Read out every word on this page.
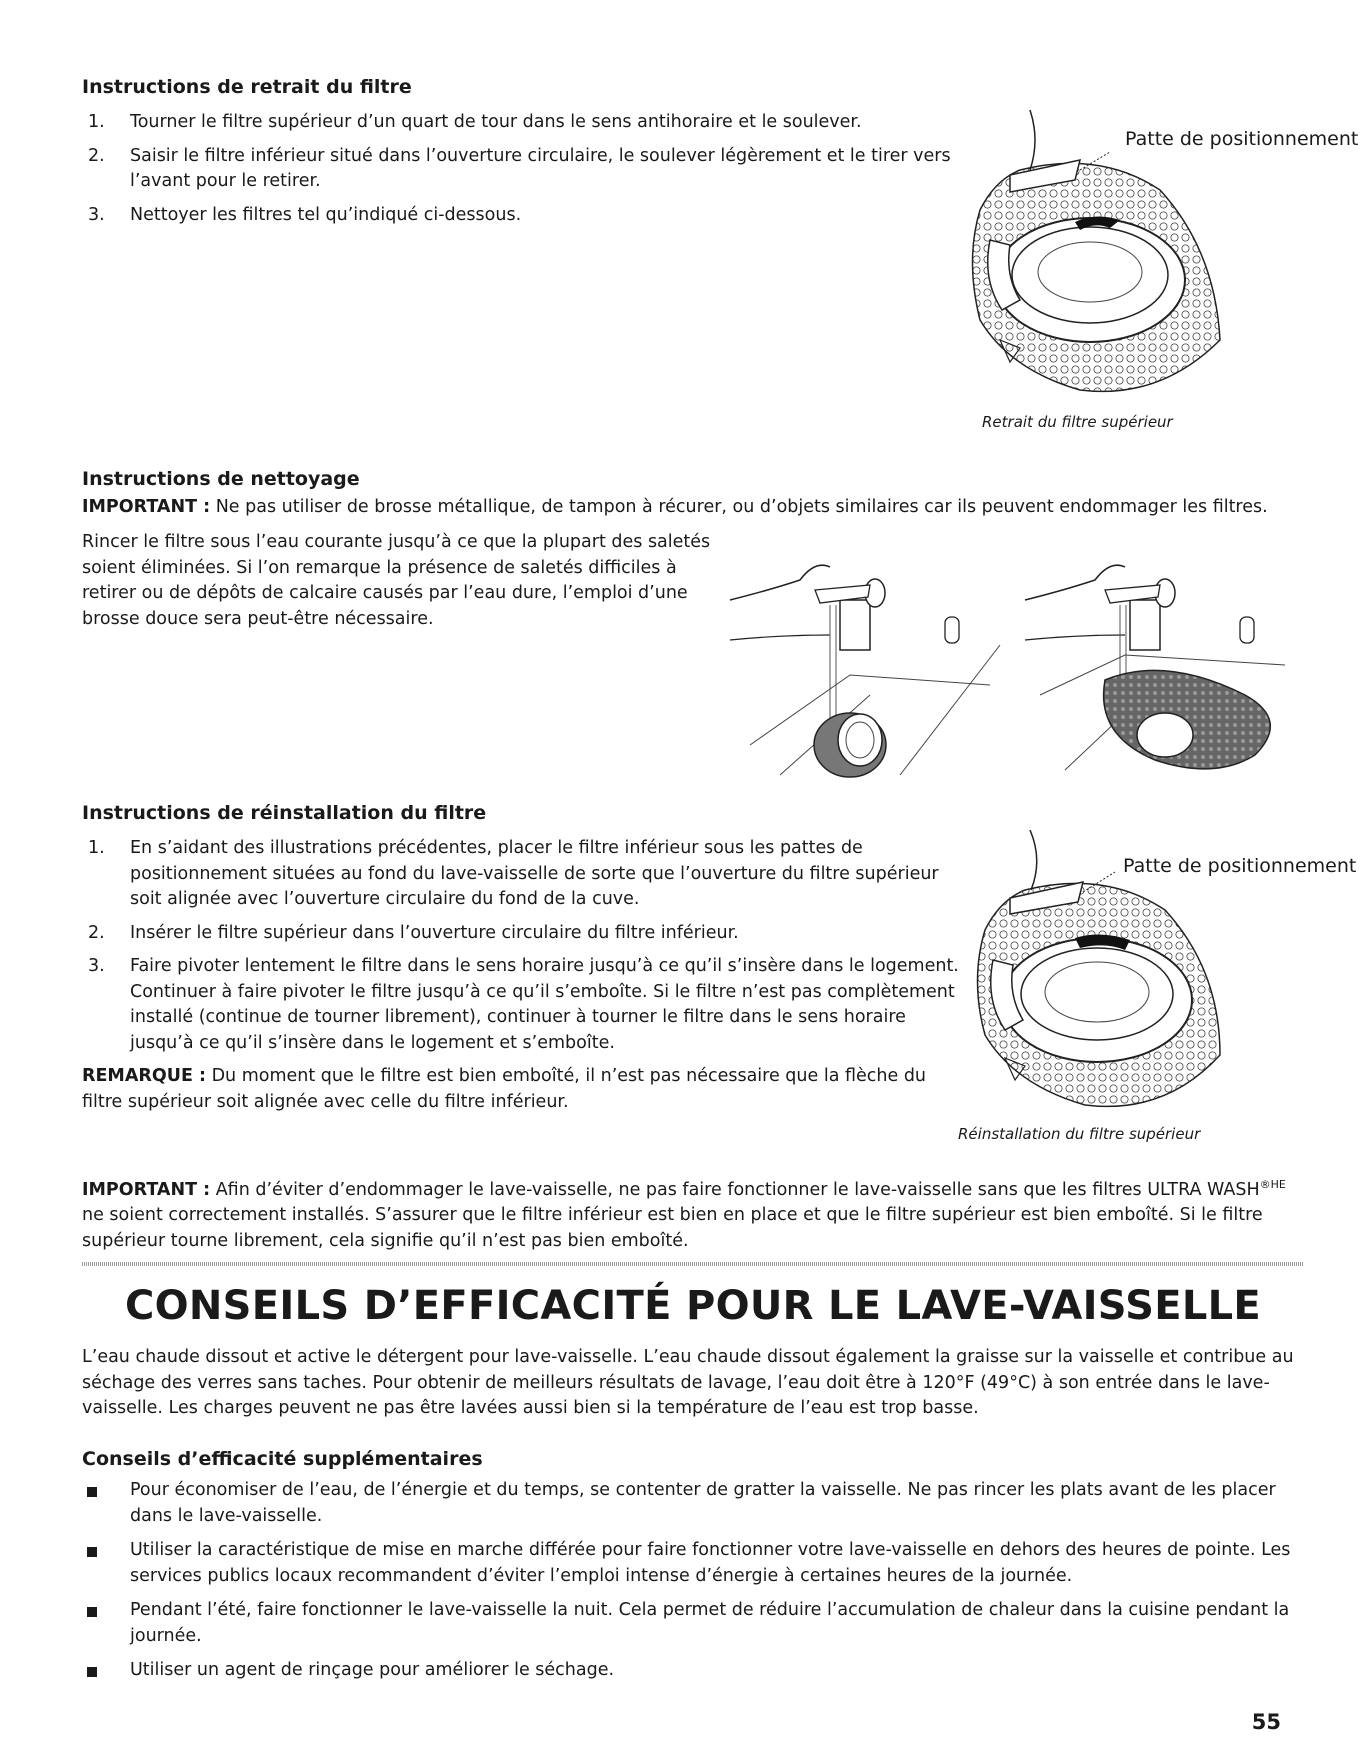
Instructions de retrait du filtre
1. Tourner le filtre supérieur d’un quart de tour dans le sens antihoraire et le soulever.
2. Saisir le filtre inférieur situé dans l’ouverture circulaire, le soulever légèrement et le tirer vers l’avant pour le retirer.
3. Nettoyer les filtres tel qu’indiqué ci-dessous.
Patte de positionnement
Retrait du filtre supérieur
Instructions de nettoyage
IMPORTANT : Ne pas utiliser de brosse métallique, de tampon à récurer, ou d’objets similaires car ils peuvent endommager les filtres.
Rincer le filtre sous l’eau courante jusqu’à ce que la plupart des saletés soient éliminées. Si l’on remarque la présence de saletés difficiles à retirer ou de dépôts de calcaire causés par l’eau dure, l’emploi d’une brosse douce sera peut-être nécessaire.
Instructions de réinstallation du filtre
1. En s’aidant des illustrations précédentes, placer le filtre inférieur sous les pattes de positionnement situées au fond du lave-vaisselle de sorte que l’ouverture du filtre supérieur soit alignée avec l’ouverture circulaire du fond de la cuve.
2. Insérer le filtre supérieur dans l’ouverture circulaire du filtre inférieur.
3. Faire pivoter lentement le filtre dans le sens horaire jusqu’à ce qu’il s’insère dans le logement. Continuer à faire pivoter le filtre jusqu’à ce qu’il s’emboîte. Si le filtre n’est pas complètement installé (continue de tourner librement), continuer à tourner le filtre dans le sens horaire jusqu’à ce qu’il s’insère dans le logement et s’emboîte.
REMARQUE : Du moment que le filtre est bien emboîté, il n’est pas nécessaire que la flèche du filtre supérieur soit alignée avec celle du filtre inférieur.
Patte de positionnement
Réinstallation du filtre supérieur
IMPORTANT : Afin d’éviter d’endommager le lave-vaisselle, ne pas faire fonctionner le lave-vaisselle sans que les filtres ULTRA $WASH^{®HE}$ ne soient correctement installés. S’assurer que le filtre inférieur est bien en place et que le filtre supérieur est bien emboîté. Si le filtre supérieur tourne librement, cela signifie qu’il n’est pas bien emboîté.
CONSEILS D’EFFICACITÉ POUR LE LAVE-VAISSELLE
L’eau chaude dissout et active le détergent pour lave-vaisselle. L’eau chaude dissout également la graisse sur la vaisselle et contribue au séchage des verres sans taches. Pour obtenir de meilleurs résultats de lavage, l’eau doit être à 120°F (49°C) à son entrée dans le lave-vaisselle. Les charges peuvent ne pas être lavées aussi bien si la température de l’eau est trop basse.
Conseils d’efficacité supplémentaires
Pour économiser de l’eau, de l’énergie et du temps, se contenter de gratter la vaisselle. Ne pas rincer les plats avant de les placer dans le lave-vaisselle.
Utiliser la caractéristique de mise en marche différée pour faire fonctionner votre lave-vaisselle en dehors des heures de pointe. Les services publics locaux recommandent d’éviter l’emploi intense d’énergie à certaines heures de la journée.
Pendant l’été, faire fonctionner le lave-vaisselle la nuit. Cela permet de réduire l’accumulation de chaleur dans la cuisine pendant la journée.
Utiliser un agent de rinçage pour améliorer le séchage.
55
